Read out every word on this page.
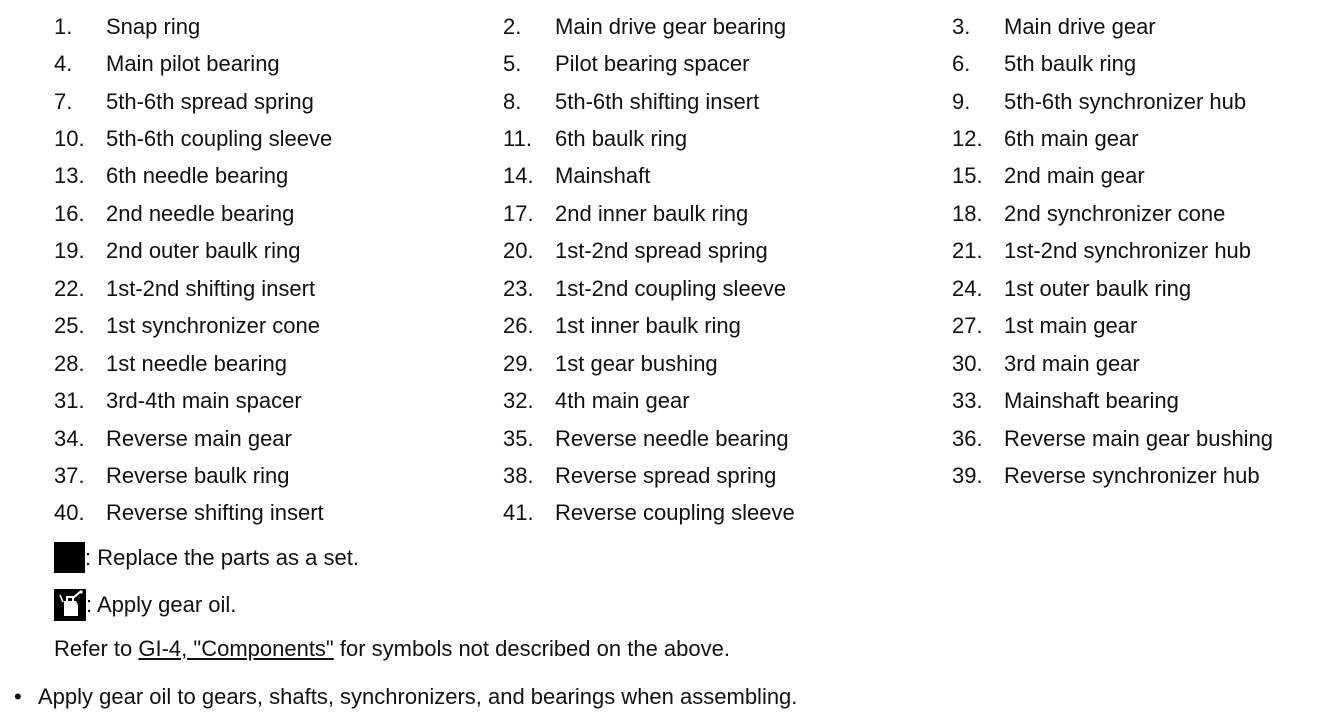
1.	Snap ring	2.	Main drive gear bearing	3.	Main drive gear
4.	Main pilot bearing	5.	Pilot bearing spacer	6.	5th baulk ring
7.	5th-6th spread spring	8.	5th-6th shifting insert	9.	5th-6th synchronizer hub
10. 5th-6th coupling sleeve	11.	6th baulk ring	12. 6th main gear
13. 6th needle bearing	14. Mainshaft	15. 2nd main gear
16. 2nd needle bearing	17. 2nd inner baulk ring	18. 2nd synchronizer cone
19. 2nd outer baulk ring	20. 1st-2nd spread spring	21. 1st-2nd synchronizer hub
22. 1st-2nd shifting insert	23. 1st-2nd coupling sleeve	24. 1st outer baulk ring
25. 1st synchronizer cone	26. 1st inner baulk ring	27. 1st main gear
28. 1st needle bearing	29. 1st gear bushing	30. 3rd main gear
31. 3rd-4th main spacer	32. 4th main gear	33. Mainshaft bearing
34. Reverse main gear	35. Reverse needle bearing	36. Reverse main gear bushing
37. Reverse baulk ring	38. Reverse spread spring	39. Reverse synchronizer hub
40. Reverse shifting insert	41. Reverse coupling sleeve
: Replace the parts as a set.
: Apply gear oil.
Refer to GI-4, "Components" for symbols not described on the above.
• Apply gear oil to gears, shafts, synchronizers, and bearings when assembling.
